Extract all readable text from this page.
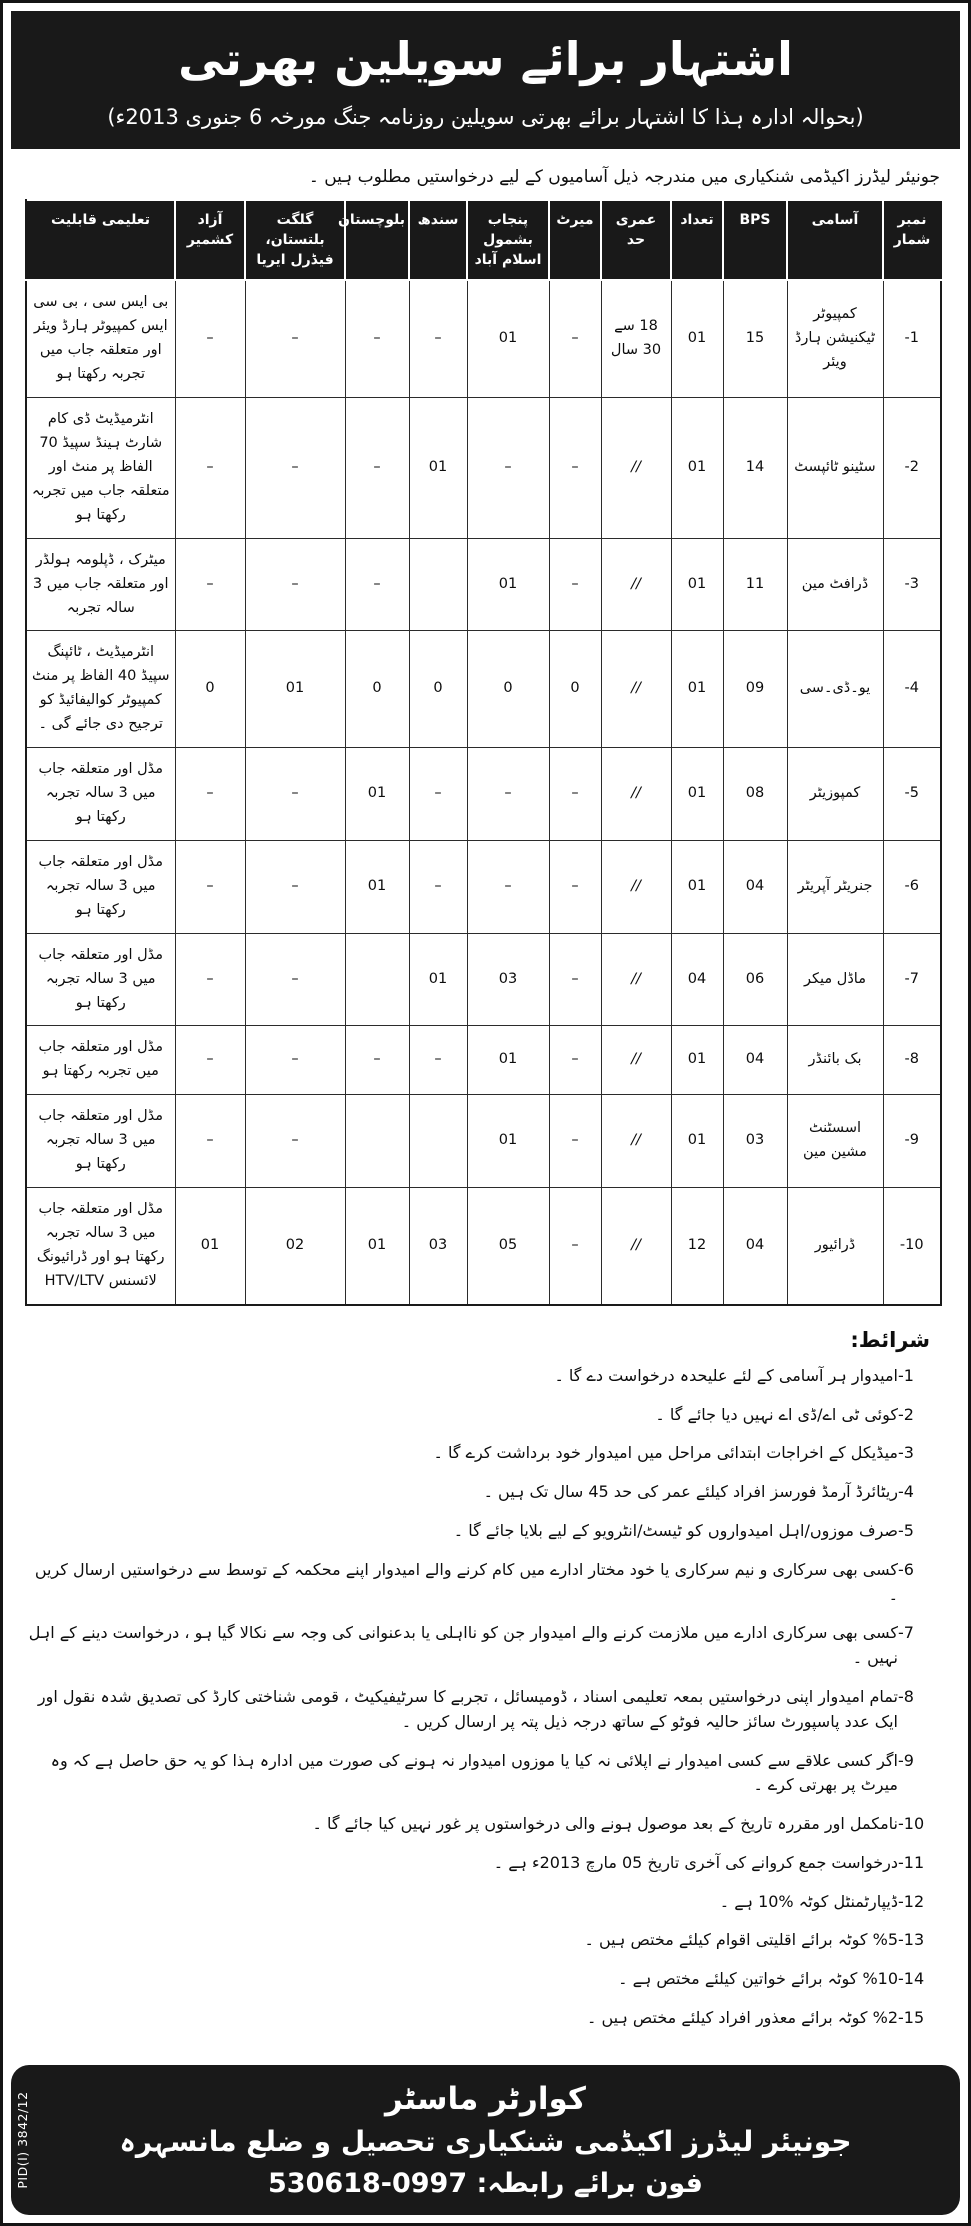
اشتہار برائے سویلین بھرتی
(بحوالہ ادارہ ہذا کا اشتہار برائے بھرتی سویلین روزنامہ جنگ مورخہ 6 جنوری 2013ء)
جونیئر لیڈرز اکیڈمی شنکیاری میں مندرجہ ذیل آسامیوں کے لیے درخواستیں مطلوب ہیں ۔
نمبر شمار	آسامی	BPS	تعداد	عمری حد	میرٹ	پنجاب بشمول اسلام آباد	سندھ	بلوچستان	گلگت بلتستان، فیڈرل ایریا	آزاد کشمیر	تعلیمی قابلیت
-1	کمپیوٹر ٹیکنیشن ہارڈ ویئر	15	01	18 سے 30 سال	–	01	–	–	–	–	بی ایس سی ، بی سی ایس کمپیوٹر ہارڈ ویئر اور متعلقہ جاب میں تجربہ رکھتا ہو
-2	سٹینو ٹائپسٹ	14	01	//	–	–	01	–	–	–	انٹرمیڈیٹ ڈی کام شارٹ ہینڈ سپیڈ 70 الفاظ پر منٹ اور متعلقہ جاب میں تجربہ رکھتا ہو
-3	ڈرافٹ مین	11	01	//	–	01		–	–	–	میٹرک ، ڈپلومہ ہولڈر اور متعلقہ جاب میں 3 سالہ تجربہ
-4	یو۔ڈی۔سی	09	01	//	0	0	0	0	01	0	انٹرمیڈیٹ ، ٹائپنگ سپیڈ 40 الفاظ پر منٹ کمپیوٹر کوالیفائیڈ کو ترجیح دی جائے گی ۔
-5	کمپوزیٹر	08	01	//	–	–	–	01	–	–	مڈل اور متعلقہ جاب میں 3 سالہ تجربہ رکھتا ہو
-6	جنریٹر آپریٹر	04	01	//	–	–	–	01	–	–	مڈل اور متعلقہ جاب میں 3 سالہ تجربہ رکھتا ہو
-7	ماڈل میکر	06	04	//	–	03	01		–	–	مڈل اور متعلقہ جاب میں 3 سالہ تجربہ رکھتا ہو
-8	بک بائنڈر	04	01	//	–	01	–	–	–	–	مڈل اور متعلقہ جاب میں تجربہ رکھتا ہو
-9	اسسٹنٹ مشین مین	03	01	//	–	01			–	–	مڈل اور متعلقہ جاب میں 3 سالہ تجربہ رکھتا ہو
-10	ڈرائیور	04	12	//	–	05	03	01	02	01	مڈل اور متعلقہ جاب میں 3 سالہ تجربہ رکھتا ہو اور ڈرائیونگ لائسنس HTV/LTV
شرائط:
-1
امیدوار ہر آسامی کے لئے علیحدہ درخواست دے گا ۔
-2
کوئی ٹی اے/ڈی اے نہیں دیا جائے گا ۔
-3
میڈیکل کے اخراجات ابتدائی مراحل میں امیدوار خود برداشت کرے گا ۔
-4
ریٹائرڈ آرمڈ فورسز افراد کیلئے عمر کی حد 45 سال تک ہیں ۔
-5
صرف موزوں/اہل امیدواروں کو ٹیسٹ/انٹرویو کے لیے بلایا جائے گا ۔
-6
کسی بھی سرکاری و نیم سرکاری یا خود مختار ادارے میں کام کرنے والے امیدوار اپنے محکمہ کے توسط سے درخواستیں ارسال کریں ۔
-7
کسی بھی سرکاری ادارے میں ملازمت کرنے والے امیدوار جن کو نااہلی یا بدعنوانی کی وجہ سے نکالا گیا ہو ، درخواست دینے کے اہل نہیں ۔
-8
تمام امیدوار اپنی درخواستیں بمعہ تعلیمی اسناد ، ڈومیسائل ، تجربے کا سرٹیفیکیٹ ، قومی شناختی کارڈ کی تصدیق شدہ نقول اور ایک عدد پاسپورٹ سائز حالیہ فوٹو کے ساتھ درجہ ذیل پتہ پر ارسال کریں ۔
-9
اگر کسی علاقے سے کسی امیدوار نے اپلائی نہ کیا یا موزوں امیدوار نہ ہونے کی صورت میں ادارہ ہذا کو یہ حق حاصل ہے کہ وہ میرٹ پر بھرتی کرے ۔
-10
نامکمل اور مقررہ تاریخ کے بعد موصول ہونے والی درخواستوں پر غور نہیں کیا جائے گا ۔
-11
درخواست جمع کروانے کی آخری تاریخ 05 مارچ 2013ء ہے ۔
-12
ڈیپارٹمنٹل کوٹہ %10 ہے ۔
-13
%5 کوٹہ برائے اقلیتی اقوام کیلئے مختص ہیں ۔
-14
%10 کوٹہ برائے خواتین کیلئے مختص ہے ۔
-15
%2 کوٹہ برائے معذور افراد کیلئے مختص ہیں ۔
PID(I) 3842/12	کوارٹر ماسٹر
جونیئر لیڈرز اکیڈمی شنکیاری تحصیل و ضلع مانسہرہ
فون برائے رابطہ: 0997-530618
